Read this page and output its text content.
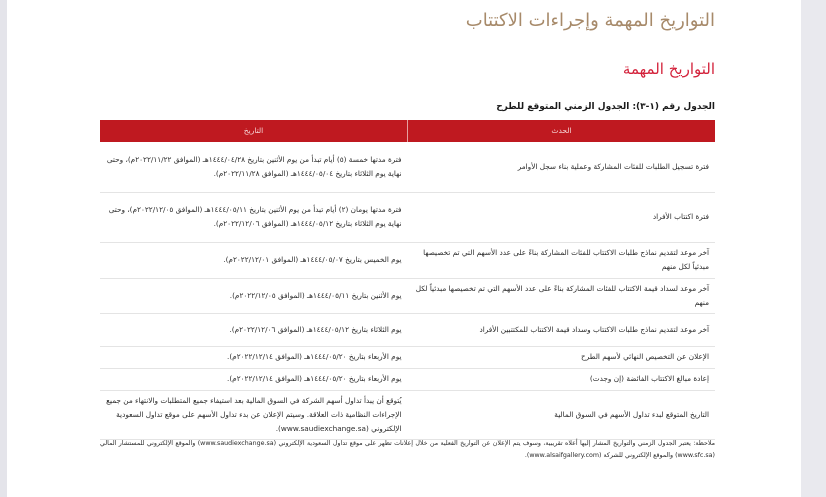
التواريخ المهمة وإجراءات الاكتتاب
التواريخ المهمة
الجدول رقم (١-٣): الجدول الزمني المتوقع للطرح
الحدث	التاريخ
فترة تسجيل الطلبات للفئات المشاركة وعملية بناء سجل الأوامر	فترة مدتها خمسة (٥) أيام تبدأ من يوم الأثنين بتاريخ ١٤٤٤/٠٤/٢٨هـ (الموافق ٢٠٢٢/١١/٢٢م)، وحتى نهاية يوم الثلاثاء بتاريخ ١٤٤٤/٠٥/٠٤هـ (الموافق ٢٠٢٢/١١/٢٨م).
فترة اكتتاب الأفراد	فترة مدتها يومان (٢) أيام تبدأ من يوم الأثنين بتاريخ ١٤٤٤/٠٥/١١هـ (الموافق ٢٠٢٢/١٢/٠٥م)، وحتى نهاية يوم الثلاثاء بتاريخ ١٤٤٤/٠٥/١٢هـ (الموافق ٢٠٢٢/١٢/٠٦م).
آخر موعد لتقديم نماذج طلبات الاكتتاب للفئات المشاركة بناءً على عدد الأسهم التي تم تخصيصها مبدئياً لكل منهم	يوم الخميس بتاريخ ١٤٤٤/٠٥/٠٧هـ (الموافق ٢٠٢٢/١٢/٠١م).
آخر موعد لسداد قيمة الاكتتاب للفئات المشاركة بناءً على عدد الأسهم التي تم تخصيصها مبدئياً لكل منهم	يوم الأثنين بتاريخ ١٤٤٤/٠٥/١١هـ (الموافق ٢٠٢٢/١٢/٠٥م).
آخر موعد لتقديم نماذج طلبات الاكتتاب وسداد قيمة الاكتتاب للمكتتبين الأفراد	يوم الثلاثاء بتاريخ ١٤٤٤/٠٥/١٢هـ (الموافق ٢٠٢٢/١٢/٠٦م).
الإعلان عن التخصيص النهائي لأسهم الطرح	يوم الأربعاء بتاريخ ١٤٤٤/٠٥/٢٠هـ (الموافق ٢٠٢٢/١٢/١٤م).
إعادة مبالغ الاكتتاب الفائضة (إن وجدت)	يوم الأربعاء بتاريخ ١٤٤٤/٠٥/٢٠هـ (الموافق ٢٠٢٢/١٢/١٤م).
التاريخ المتوقع لبدء تداول الأسهم في السوق المالية	يُتوقع أن يبدأ تداول أسهم الشركة في السوق المالية بعد استيفاء جميع المتطلبات والانتهاء من جميع الإجراءات النظامية ذات العلاقة. وسيتم الإعلان عن بدء تداول الأسهم على موقع تداول السعودية الإلكتروني (www.saudiexchange.sa).
ملاحظة: يعتبر الجدول الزمني والتواريخ المشار إليها أعلاه تقريبية، وسوف يتم الإعلان عن التواريخ الفعلية من خلال إعلانات تظهر على موقع تداول السعودية الإلكتروني (www.saudiexchange.sa) والموقع الإلكتروني للمستشار المالي (www.sfc.sa) والموقع الإلكتروني للشركة (www.alsaifgallery.com).
